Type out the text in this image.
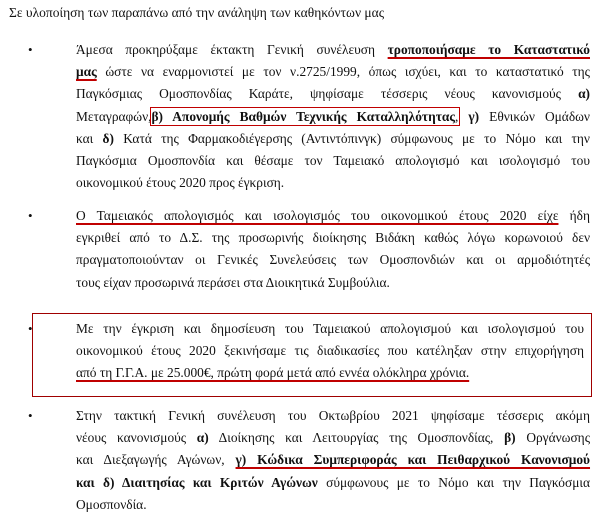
Σε υλοποίηση των παραπάνω από την ανάληψη των καθηκόντων μας
•	Άμεσα προκηρύξαμε έκτακτη Γενική συνέλευση τροποποιήσαμε το Καταστατικό
μας ώστε να εναρμονιστεί με τον ν.2725/1999, όπως ισχύει, και το καταστατικό της
Παγκόσμιας Ομοσπονδίας Καράτε, ψηφίσαμε τέσσερις νέους κανονισμούς α)
Μεταγραφών,β) Απονομής Βαθμών Τεχνικής Καταλληλότητας, γ) Εθνικών Ομάδων
και δ) Κατά της Φαρμακοδιέγερσης (Αντιντόπινγκ) σύμφωνους με το Νόμο και την
Παγκόσμια Ομοσπονδία και θέσαμε τον Ταμειακό απολογισμό και ισολογισμό του
οικονομικού έτους 2020 προς έγκριση.
•	Ο Ταμειακός απολογισμός και ισολογισμός του οικονομικού έτους 2020 είχε ήδη
εγκριθεί από το Δ.Σ. της προσωρινής διοίκησης Βιδάκη καθώς λόγω κορωνοιού δεν
πραγματοποιούνταν οι Γενικές Συνελεύσεις των Ομοσπονδιών και οι αρμοδιότητές
τους είχαν προσωρινά περάσει στα Διοικητικά Συμβούλια.
•	Με την έγκριση και δημοσίευση του Ταμειακού απολογισμού και ισολογισμού του
οικονομικού έτους 2020 ξεκινήσαμε τις διαδικασίες που κατέληξαν στην επιχορήγηση
από τη Γ.Γ.Α. με 25.000€, πρώτη φορά μετά από εννέα ολόκληρα χρόνια.
•	Στην τακτική Γενική συνέλευση του Οκτωβρίου 2021 ψηφίσαμε τέσσερις ακόμη
νέους κανονισμούς α) Διοίκησης και Λειτουργίας της Ομοσπονδίας, β) Οργάνωσης
και Διεξαγωγής Αγώνων, γ) Κώδικα Συμπεριφοράς και Πειθαρχικού Κανονισμού
και δ) Διαιτησίας και Κριτών Αγώνων σύμφωνους με το Νόμο και την Παγκόσμια
Ομοσπονδία.
